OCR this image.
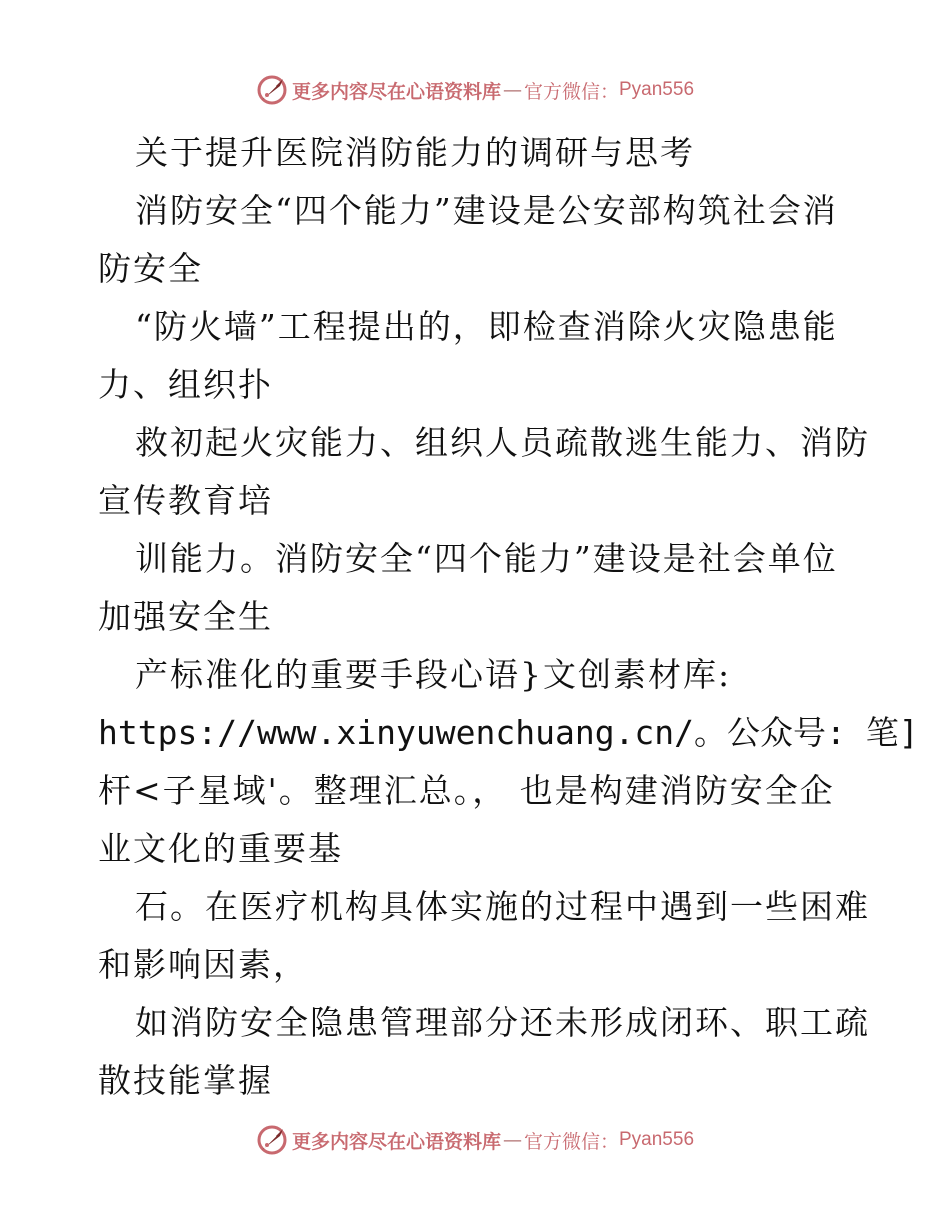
更多内容尽在心语资料库 — 官方微信： Pyan556
关于提升医院消防能力的调研与思考
消防安全“四个能力”建设是公安部构筑社会消
防安全
“防火墙”工程提出的，即检查消除火灾隐患能
力、组织扑
救初起火灾能力、组织人员疏散逃生能力、消防
宣传教育培
训能力。消防安全“四个能力”建设是社会单位
加强安全生
产标准化的重要手段心语}文创素材库:
https://www.xinyuwenchuang.cn/。公众号: 笔]
杆<子星域'。整理汇总。， 也是构建消防安全企
业文化的重要基
石。在医疗机构具体实施的过程中遇到一些困难
和影响因素，
如消防安全隐患管理部分还未形成闭环、职工疏
散技能掌握
更多内容尽在心语资料库 — 官方微信： Pyan556
